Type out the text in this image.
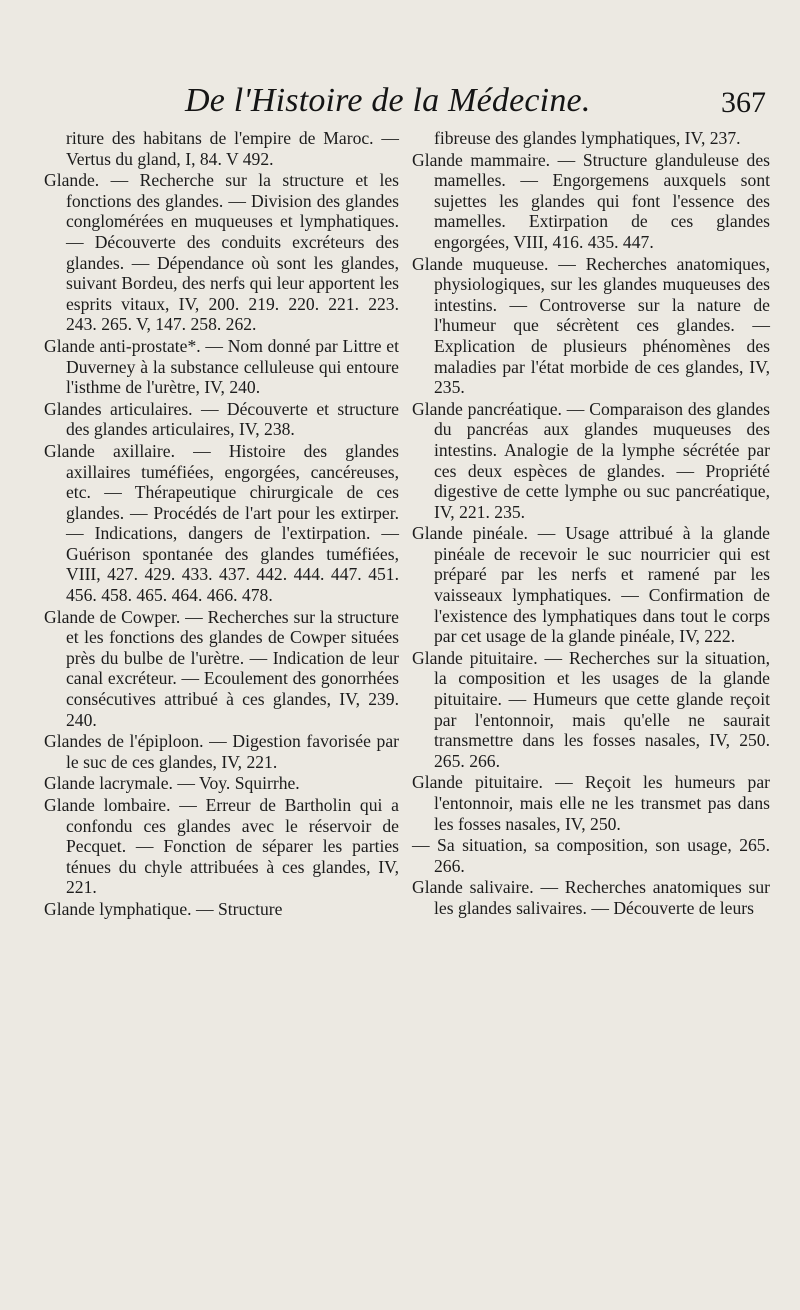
De l'Histoire de la Médecine.	367

riture des habitans de l'empire de Maroc. — Vertus du gland, I, 84. V 492.

Glande. — Recherche sur la structure et les fonctions des glandes. — Division des glandes conglomérées en muqueuses et lymphatiques. — Découverte des conduits excréteurs des glandes. — Dépendance où sont les glandes, suivant Bordeu, des nerfs qui leur apportent les esprits vitaux, IV, 200. 219. 220. 221. 223. 243. 265. V, 147. 258. 262.

Glande anti-prostate*. — Nom donné par Littre et Duverney à la substance celluleuse qui entoure l'isthme de l'urètre, IV, 240.

Glandes articulaires. — Découverte et structure des glandes articulaires, IV, 238.

Glande axillaire. — Histoire des glandes axillaires tuméfiées, engorgées, cancéreuses, etc. — Thérapeutique chirurgicale de ces glandes. — Procédés de l'art pour les extirper. — Indications, dangers de l'extirpation. — Guérison spontanée des glandes tuméfiées, VIII, 427. 429. 433. 437. 442. 444. 447. 451. 456. 458. 465. 464. 466. 478.

Glande de Cowper. — Recherches sur la structure et les fonctions des glandes de Cowper situées près du bulbe de l'urètre. — Indication de leur canal excréteur. — Ecoulement des gonorrhées consécutives attribué à ces glandes, IV, 239. 240.

Glandes de l'épiploon. — Digestion favorisée par le suc de ces glandes, IV, 221.

Glande lacrymale. — Voy. Squirrhe.

Glande lombaire. — Erreur de Bartholin qui a confondu ces glandes avec le réservoir de Pecquet. — Fonction de séparer les parties ténues du chyle attribuées à ces glandes, IV, 221.

Glande lymphatique. — Structure

fibreuse des glandes lymphatiques, IV, 237.

Glande mammaire. — Structure glanduleuse des mamelles. — Engorgemens auxquels sont sujettes les glandes qui font l'essence des mamelles. Extirpation de ces glandes engorgées, VIII, 416. 435. 447.

Glande muqueuse. — Recherches anatomiques, physiologiques, sur les glandes muqueuses des intestins. — Controverse sur la nature de l'humeur que sécrètent ces glandes. — Explication de plusieurs phénomènes des maladies par l'état morbide de ces glandes, IV, 235.

Glande pancréatique. — Comparaison des glandes du pancréas aux glandes muqueuses des intestins. Analogie de la lymphe sécrétée par ces deux espèces de glandes. — Propriété digestive de cette lymphe ou suc pancréatique, IV, 221. 235.

Glande pinéale. — Usage attribué à la glande pinéale de recevoir le suc nourricier qui est préparé par les nerfs et ramené par les vaisseaux lymphatiques. — Confirmation de l'existence des lymphatiques dans tout le corps par cet usage de la glande pinéale, IV, 222.

Glande pituitaire. — Recherches sur la situation, la composition et les usages de la glande pituitaire. — Humeurs que cette glande reçoit par l'entonnoir, mais qu'elle ne saurait transmettre dans les fosses nasales, IV, 250. 265. 266.

Glande pituitaire. — Reçoit les humeurs par l'entonnoir, mais elle ne les transmet pas dans les fosses nasales, IV, 250.

— Sa situation, sa composition, son usage, 265. 266.

Glande salivaire. — Recherches anatomiques sur les glandes salivaires. — Découverte de leurs
